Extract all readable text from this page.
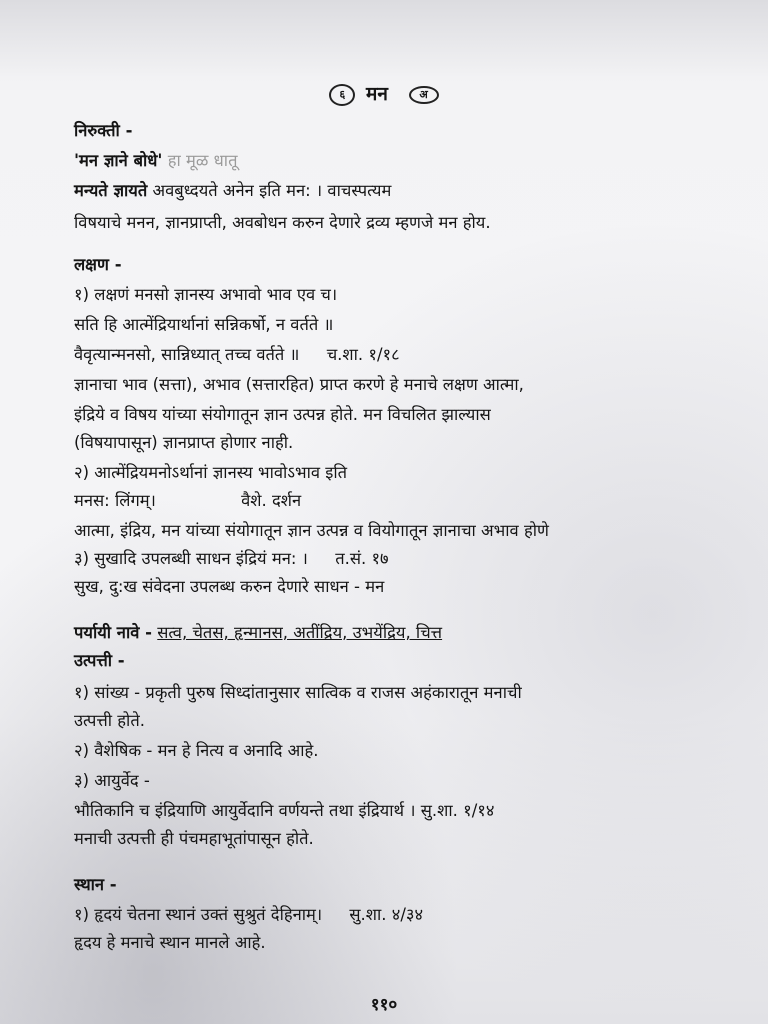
६ मन	अ
निरुक्ती -
'मन ज्ञाने बोधे' हा मूळ धातू
मन्यते ज्ञायते अवबुध्दयते अनेन इति मन: । वाचस्पत्यम
विषयाचे मनन, ज्ञानप्राप्ती, अवबोधन करुन देणारे द्रव्य म्हणजे मन होय.
लक्षण -
१) लक्षणं मनसो ज्ञानस्य अभावो भाव एव च।
सति हि आत्मेंद्रियार्थानां सन्निकर्षो, न वर्तते ॥
वैवृत्यान्मनसो, सान्निध्यात् तच्च वर्तते ॥ च.शा. १/१८
ज्ञानाचा भाव (सत्ता), अभाव (सत्तारहित) प्राप्त करणे हे मनाचे लक्षण आत्मा,
इंद्रिये व विषय यांच्या संयोगातून ज्ञान उत्पन्न होते. मन विचलित झाल्यास
(विषयापासून) ज्ञानप्राप्त होणार नाही.
२) आत्मेंद्रियमनोऽर्थानां ज्ञानस्य भावोऽभाव इति
मनस: लिंगम्।	वैशे. दर्शन
आत्मा, इंद्रिय, मन यांच्या संयोगातून ज्ञान उत्पन्न व वियोगातून ज्ञानाचा अभाव होणे
३) सुखादि उपलब्धी साधन इंद्रियं मन: । त.सं. १७
सुख, दु:ख संवेदना उपलब्ध करुन देणारे साधन - मन
पर्यायी नावे - सत्व, चेतस, हृन्मानस, अतींद्रिय, उभयेंद्रिय, चित्त
उत्पत्ती -
१) सांख्य - प्रकृती पुरुष सिध्दांतानुसार सात्विक व राजस अहंकारातून मनाची
उत्पत्ती होते.
२) वैशेषिक - मन हे नित्य व अनादि आहे.
३) आयुर्वेद -
भौतिकानि च इंद्रियाणि आयुर्वेदानि वर्णयन्ते तथा इंद्रियार्थ । सु.शा. १/१४
मनाची उत्पत्ती ही पंचमहाभूतांपासून होते.
स्थान -
१) हृदयं चेतना स्थानं उक्तं सुश्रुतं देहिनाम्। सु.शा. ४/३४
हृदय हे मनाचे स्थान मानले आहे.
११०
